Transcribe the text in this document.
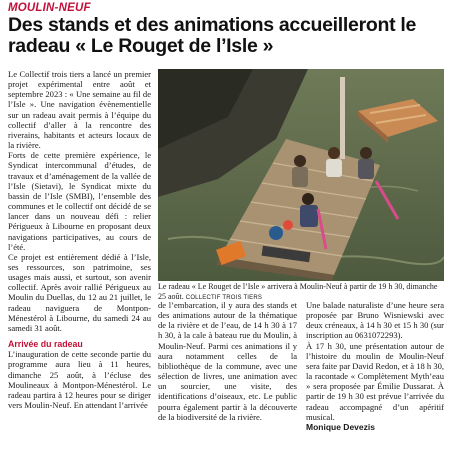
MOULIN-NEUF
Des stands et des animations accueilleront le radeau « Le Rouget de l’Isle »

Le Collectif trois tiers a lancé un premier projet expérimental entre août et septembre 2023 : « Une semaine au fil de l’Isle ». Une navigation évènementielle sur un radeau avait permis à l’équipe du collectif d’aller à la rencontre des riverains, habitants et acteurs locaux de la rivière.

Forts de cette première expérience, le Syndicat intercommunal d’études, de travaux et d’aménagement de la vallée de l’Isle (Sietavi), le Syndicat mixte du bassin de l’Isle (SMBI), l’ensemble des communes et le collectif ont décidé de se lancer dans un nouveau défi : relier Périgueux à Libourne en proposant deux navigations participatives, au cours de l’été.

Ce projet est entièrement dédié à l’Isle, ses ressources, son patrimoine, ses usages mais aussi, et surtout, son avenir collectif. Après avoir rallié Périgueux au Moulin du Duellas, du 12 au 21 juillet, le radeau naviguera de Montpon-Ménestérol à Libourne, du samedi 24 au samedi 31 août.

Arrivée du radeau

L’inauguration de cette seconde partie du programme aura lieu à 11 heures, dimanche 25 août, à l’écluse des Moulineaux à Montpon-Ménestérol. Le radeau partira à 12 heures pour se diriger vers Moulin-Neuf. En attendant l’arrivée

Le radeau « Le Rouget de l’Isle » arrivera à Moulin-Neuf à partir de 19 h 30, dimanche 25 août. COLLECTIF TROIS TIERS

de l’embarcation, il y aura des stands et des animations autour de la thématique de la rivière et de l’eau, de 14 h 30 à 17 h 30, à la cale à bateau rue du Moulin, à Moulin-Neuf. Parmi ces animations il y aura notamment celles de la bibliothèque de la commune, avec une sélection de livres, une animation avec un sourcier, une visite, des identifications d’oiseaux, etc. Le public pourra également partir à la découverte de la biodiversité de la rivière.

Une balade naturaliste d’une heure sera proposée par Bruno Wisniewski avec deux créneaux, à 14 h 30 et 15 h 30 (sur inscription au 0631072293).

À 17 h 30, une présentation autour de l’histoire du moulin de Moulin-Neuf sera faite par David Redon, et à 18 h 30, la racontade « Complètement Myth’eau » sera proposée par Émilie Dussarat. À partir de 19 h 30 est prévue l’arrivée du radeau accompagné d’un apéritif musical.

Monique Devezis
